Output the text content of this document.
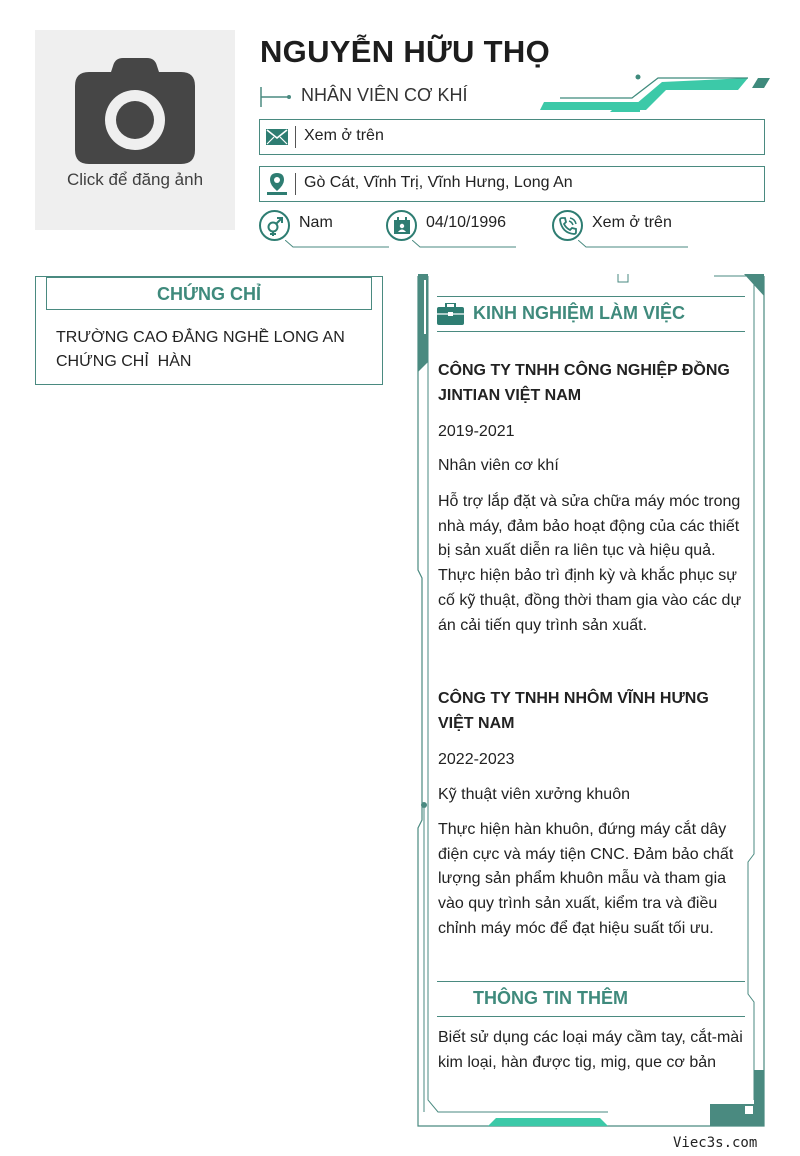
Click để đăng ảnh
NGUYỄN HỮU THỌ
NHÂN VIÊN CƠ KHÍ
Xem ở trên
Gò Cát, Vĩnh Trị, Vĩnh Hưng, Long An
Nam	04/10/1996	Xem ở trên
CHỨNG CHỈ
TRƯỜNG CAO ĐẲNG NGHỀ LONG AN
CHỨNG CHỈ  HÀN
KINH NGHIỆM LÀM VIỆC
CÔNG TY TNHH CÔNG NGHIỆP ĐỒNG JINTIAN VIỆT NAM
2019-2021
Nhân viên cơ khí
Hỗ trợ lắp đặt và sửa chữa máy móc trong nhà máy, đảm bảo hoạt động của các thiết bị sản xuất diễn ra liên tục và hiệu quả. Thực hiện bảo trì định kỳ và khắc phục sự cố kỹ thuật, đồng thời tham gia vào các dự án cải tiến quy trình sản xuất.
CÔNG TY TNHH NHÔM VĨNH HƯNG VIỆT NAM
2022-2023
Kỹ thuật viên xưởng khuôn
Thực hiện hàn khuôn, đứng máy cắt dây điện cực và máy tiện CNC. Đảm bảo chất lượng sản phẩm khuôn mẫu và tham gia vào quy trình sản xuất, kiểm tra và điều chỉnh máy móc để đạt hiệu suất tối ưu.
THÔNG TIN THÊM
Biết sử dụng các loại máy cầm tay, cắt-mài kim loại, hàn được tig, mig, que cơ bản
Viec3s.com
